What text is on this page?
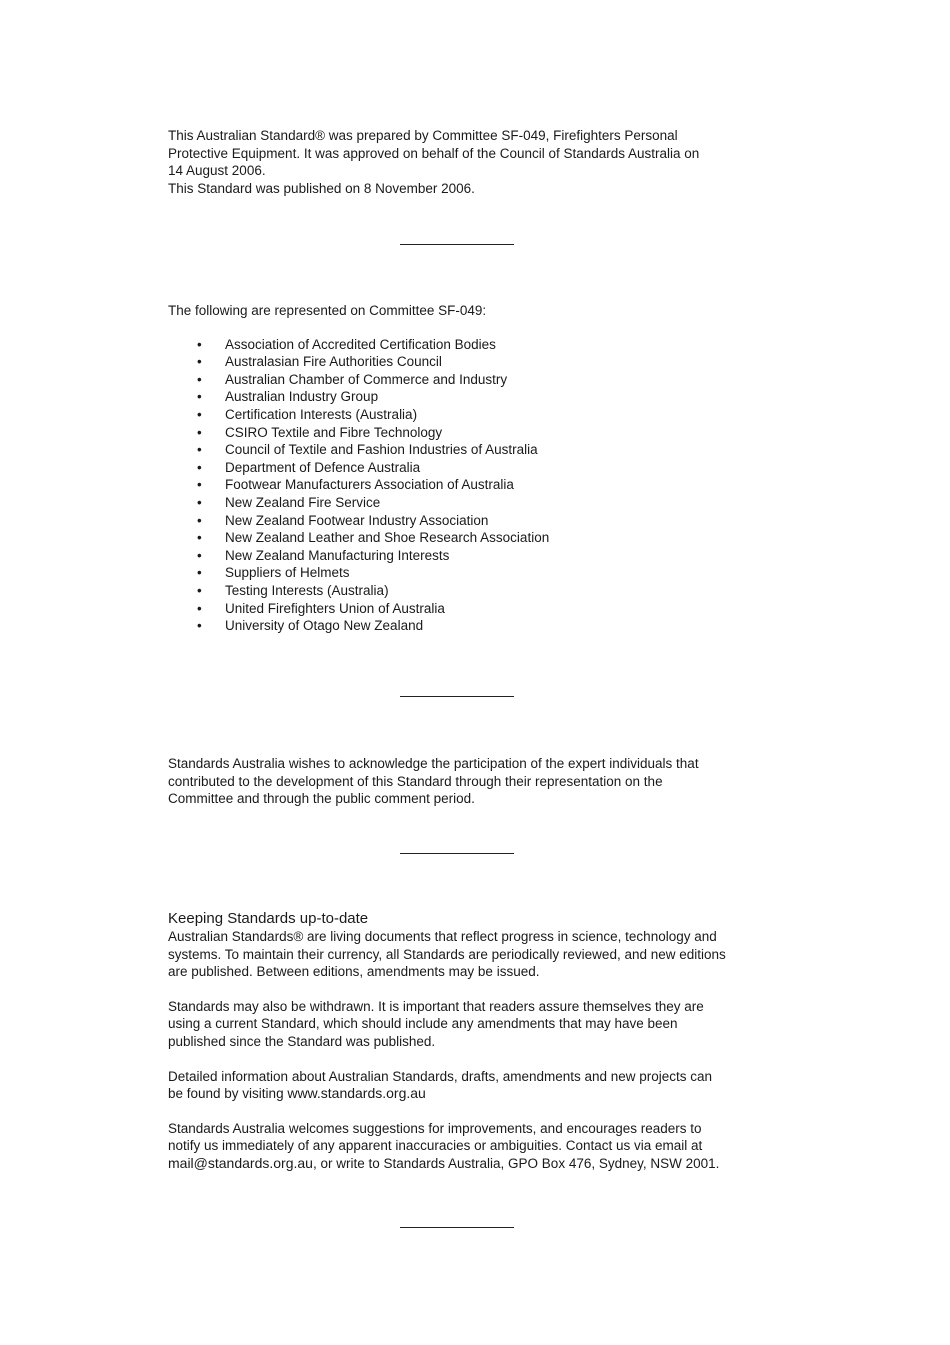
This Australian Standard® was prepared by Committee SF-049, Firefighters Personal
Protective Equipment. It was approved on behalf of the Council of Standards Australia on
14 August 2006.
This Standard was published on 8 November 2006.
The following are represented on Committee SF-049:
• Association of Accredited Certification Bodies
• Australasian Fire Authorities Council
• Australian Chamber of Commerce and Industry
• Australian Industry Group
• Certification Interests (Australia)
• CSIRO Textile and Fibre Technology
• Council of Textile and Fashion Industries of Australia
• Department of Defence Australia
• Footwear Manufacturers Association of Australia
• New Zealand Fire Service
• New Zealand Footwear Industry Association
• New Zealand Leather and Shoe Research Association
• New Zealand Manufacturing Interests
• Suppliers of Helmets
• Testing Interests (Australia)
• United Firefighters Union of Australia
• University of Otago New Zealand
Standards Australia wishes to acknowledge the participation of the expert individuals that
contributed to the development of this Standard through their representation on the
Committee and through the public comment period.
Keeping Standards up-to-date
Australian Standards® are living documents that reflect progress in science, technology and
systems. To maintain their currency, all Standards are periodically reviewed, and new editions
are published. Between editions, amendments may be issued.
Standards may also be withdrawn. It is important that readers assure themselves they are
using a current Standard, which should include any amendments that may have been
published since the Standard was published.
Detailed information about Australian Standards, drafts, amendments and new projects can
be found by visiting www.standards.org.au
Standards Australia welcomes suggestions for improvements, and encourages readers to
notify us immediately of any apparent inaccuracies or ambiguities. Contact us via email at
mail@standards.org.au, or write to Standards Australia, GPO Box 476, Sydney, NSW 2001.
